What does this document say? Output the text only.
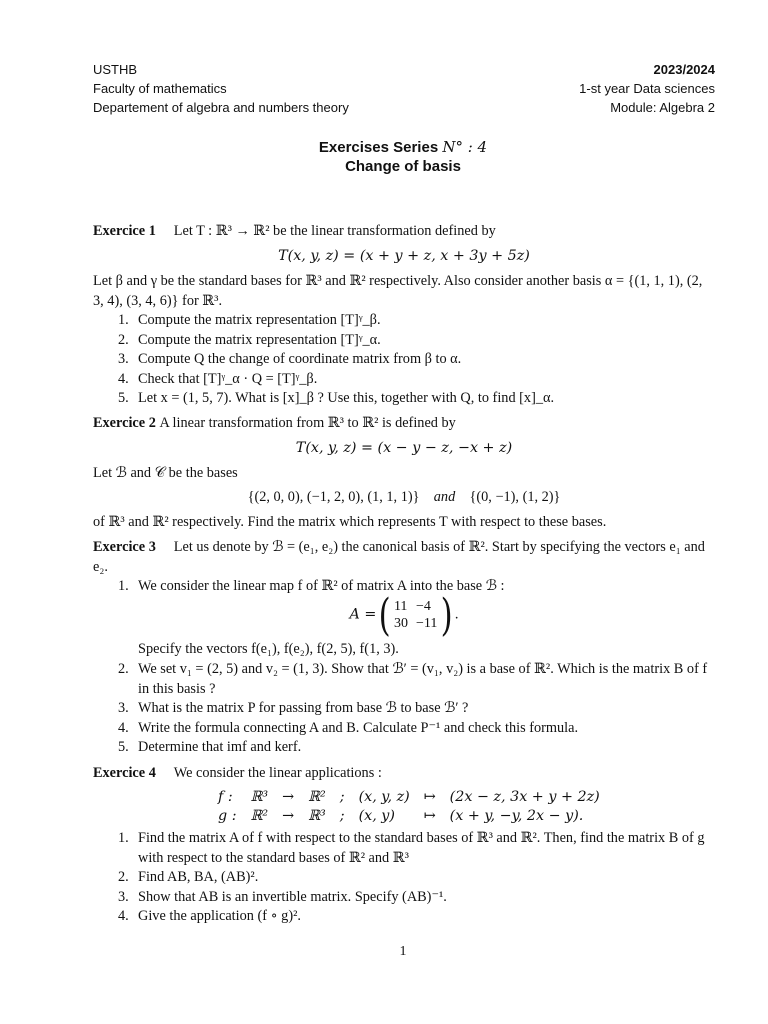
USTHB
Faculty of mathematics
Departement of algebra and numbers theory
2023/2024
1-st year Data sciences
Module: Algebra 2
Exercises Series N° : 4
Change of basis
Exercice 1 Let T : ℝ³ → ℝ² be the linear transformation defined by
T(x, y, z) = (x + y + z, x + 3y + 5z)
Let β and γ be the standard bases for ℝ³ and ℝ² respectively. Also consider another basis α = {(1, 1, 1), (2, 3, 4), (3, 4, 6)} for ℝ³.
1. Compute the matrix representation [T]ᵞ_β.
2. Compute the matrix representation [T]ᵞ_α.
3. Compute Q the change of coordinate matrix from β to α.
4. Check that [T]ᵞ_α · Q = [T]ᵞ_β.
5. Let x = (1, 5, 7). What is [x]_β ? Use this, together with Q, to find [x]_α.
Exercice 2 A linear transformation from ℝ³ to ℝ² is defined by
T(x, y, z) = (x − y − z, −x + z)
Let ℬ and 𝒞 be the bases
{(2, 0, 0), (−1, 2, 0), (1, 1, 1)} and {(0, −1), (1, 2)}
of ℝ³ and ℝ² respectively. Find the matrix which represents T with respect to these bases.
Exercice 3 Let us denote by ℬ = (e₁, e₂) the canonical basis of ℝ². Start by specifying the vectors e₁ and e₂.
1. We consider the linear map f of ℝ² of matrix A into the base ℬ :
A = ( 11	−4
30	−11 )
.
Specify the vectors f(e₁), f(e₂), f(2, 5), f(1, 3).
2. We set v₁ = (2, 5) and v₂ = (1, 3). Show that ℬ′ = (v₁, v₂) is a base of ℝ². Which is the matrix B of f in this basis ?
3. What is the matrix P for passing from base ℬ to base ℬ′ ?
4. Write the formula connecting A and B. Calculate P⁻¹ and check this formula.
5. Determine that imf and kerf.
Exercice 4 We consider the linear applications :
f :	ℝ³	→	ℝ²	;	(x, y, z)	↦	(2x − z, 3x + y + 2z)
g :	ℝ²	→	ℝ³	;	(x, y)	↦	(x + y, −y, 2x − y).
1. Find the matrix A of f with respect to the standard bases of ℝ³ and ℝ². Then, find the matrix B of g with respect to the standard bases of ℝ² and ℝ³
2. Find AB, BA, (AB)².
3. Show that AB is an invertible matrix. Specify (AB)⁻¹.
4. Give the application (f ∘ g)².
1
